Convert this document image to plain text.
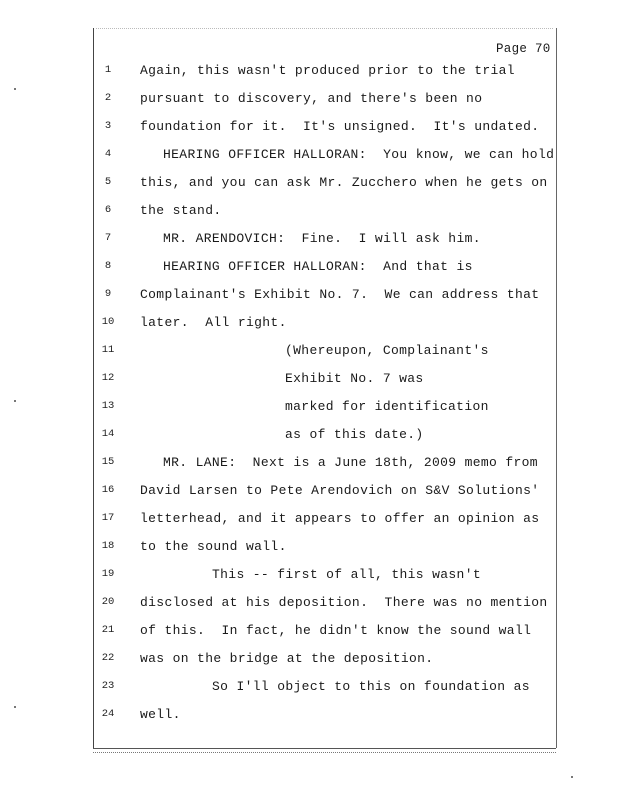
Page 70
1
2
3
4
5
6
7
8
9
10
11
12
13
14
15
16
17
18
19
20
21
22
23
24
Again, this wasn't produced prior to the trial
pursuant to discovery, and there's been no
foundation for it.  It's unsigned.  It's undated.
HEARING OFFICER HALLORAN:  You know, we can hold
this, and you can ask Mr. Zucchero when he gets on
the stand.
MR. ARENDOVICH:  Fine.  I will ask him.
HEARING OFFICER HALLORAN:  And that is
Complainant's Exhibit No. 7.  We can address that
later.  All right.
(Whereupon, Complainant's
Exhibit No. 7 was
marked for identification
as of this date.)
MR. LANE:  Next is a June 18th, 2009 memo from
David Larsen to Pete Arendovich on S&V Solutions'
letterhead, and it appears to offer an opinion as
to the sound wall.
This -- first of all, this wasn't
disclosed at his deposition.  There was no mention
of this.  In fact, he didn't know the sound wall
was on the bridge at the deposition.
So I'll object to this on foundation as
well.
